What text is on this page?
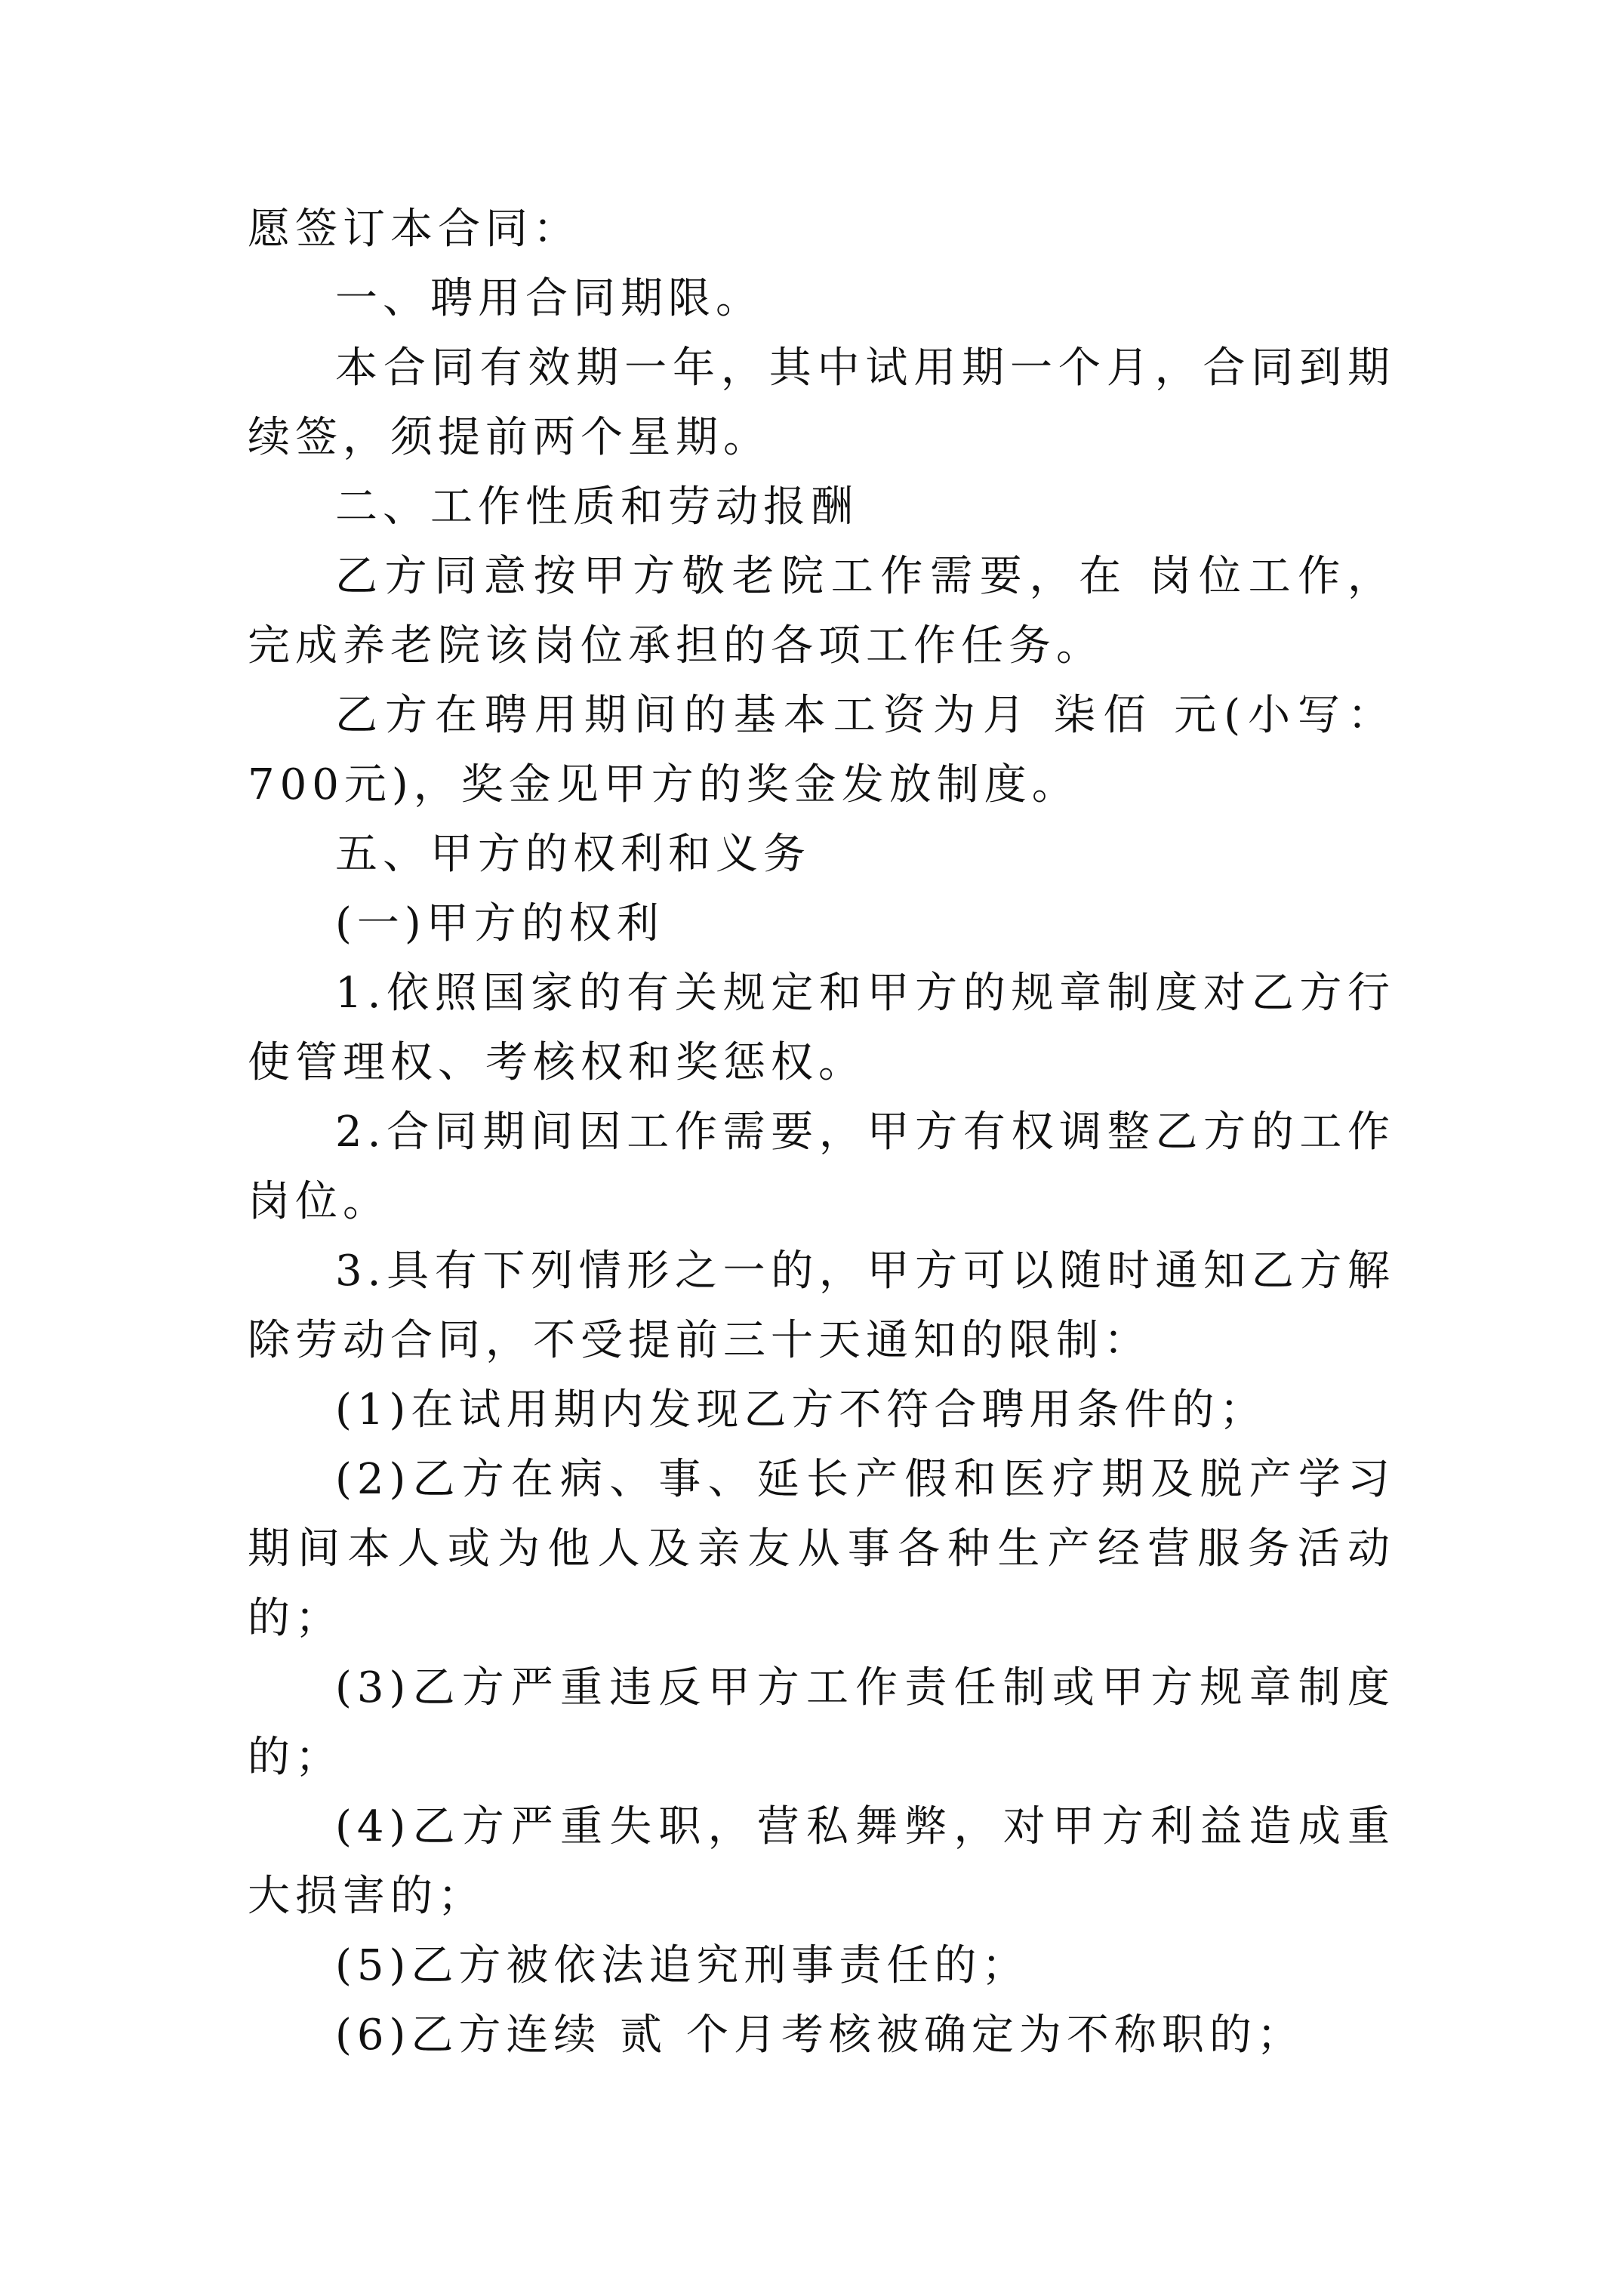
愿签订本合同：

一、聘用合同期限。

本合同有效期一年，其中试用期一个月，合同到期续签，须提前两个星期。

二、工作性质和劳动报酬

乙方同意按甲方敬老院工作需要，在 岗位工作，完成养老院该岗位承担的各项工作任务。

乙方在聘用期间的基本工资为月 柒佰 元(小写：700元)，奖金见甲方的奖金发放制度。

五、甲方的权利和义务

(一)甲方的权利

1.依照国家的有关规定和甲方的规章制度对乙方行使管理权、考核权和奖惩权。

2.合同期间因工作需要，甲方有权调整乙方的工作岗位。

3.具有下列情形之一的，甲方可以随时通知乙方解除劳动合同，不受提前三十天通知的限制：

(1)在试用期内发现乙方不符合聘用条件的；

(2)乙方在病、事、延长产假和医疗期及脱产学习期间本人或为他人及亲友从事各种生产经营服务活动的；

(3)乙方严重违反甲方工作责任制或甲方规章制度的；

(4)乙方严重失职，营私舞弊，对甲方利益造成重大损害的；

(5)乙方被依法追究刑事责任的；

(6)乙方连续 贰 个月考核被确定为不称职的；
